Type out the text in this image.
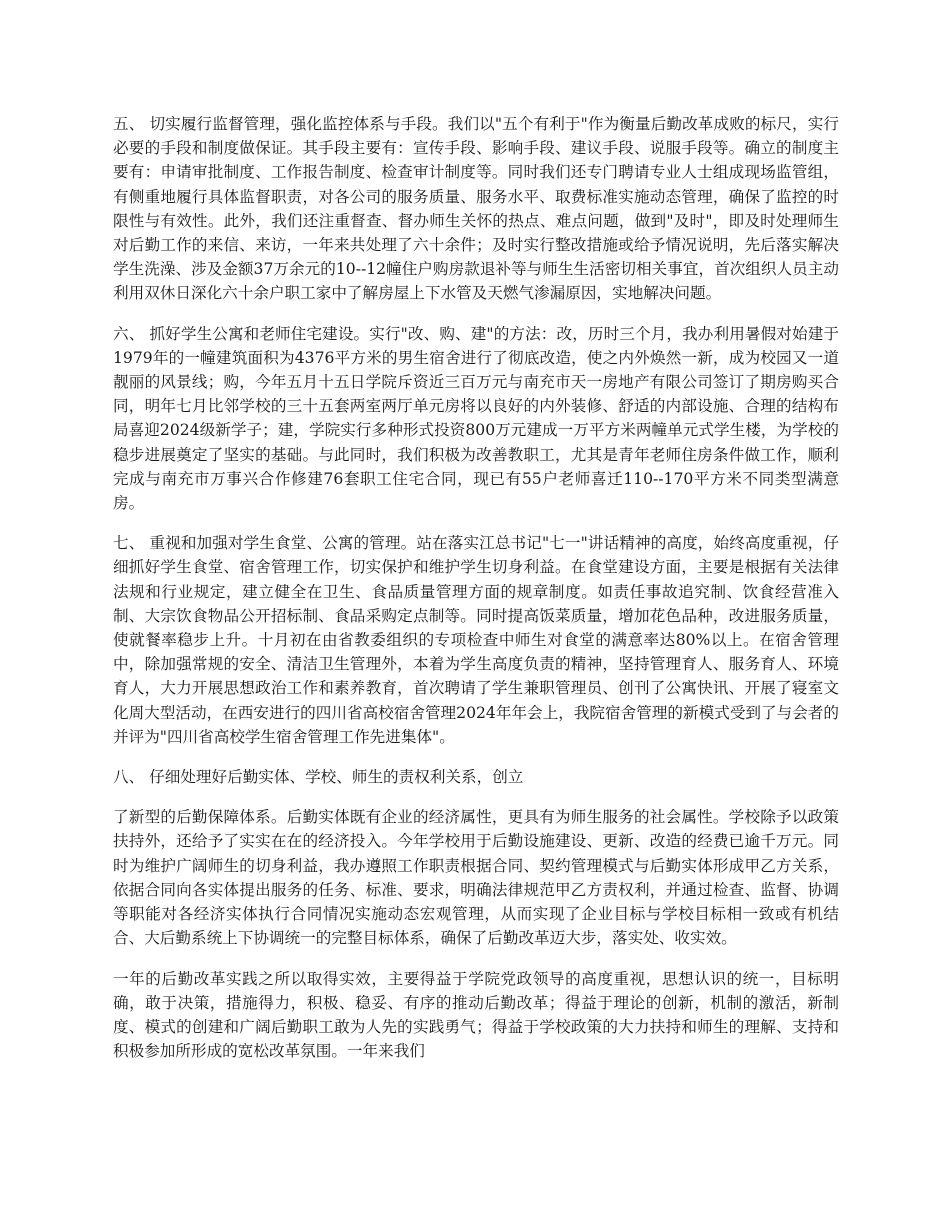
五、 切实履行监督管理，强化监控体系与手段。我们以"五个有利于"作为衡量后勤改革成败的标尺，实行必要的手段和制度做保证。其手段主要有：宣传手段、影响手段、建议手段、说服手段等。确立的制度主要有：申请审批制度、工作报告制度、检查审计制度等。同时我们还专门聘请专业人士组成现场监管组，有侧重地履行具体监督职责，对各公司的服务质量、服务水平、取费标准实施动态管理，确保了监控的时限性与有效性。此外，我们还注重督查、督办师生关怀的热点、难点问题，做到"及时"，即及时处理师生对后勤工作的来信、来访，一年来共处理了六十余件；及时实行整改措施或给予情况说明，先后落实解决学生洗澡、涉及金额37万余元的10--12幢住户购房款退补等与师生生活密切相关事宜，首次组织人员主动利用双休日深化六十余户职工家中了解房屋上下水管及天燃气渗漏原因，实地解决问题。

六、 抓好学生公寓和老师住宅建设。实行"改、购、建"的方法：改，历时三个月，我办利用暑假对始建于1979年的一幢建筑面积为4376平方米的男生宿舍进行了彻底改造，使之内外焕然一新，成为校园又一道靓丽的风景线；购，今年五月十五日学院斥资近三百万元与南充市天一房地产有限公司签订了期房购买合同，明年七月比邻学校的三十五套两室两厅单元房将以良好的内外装修、舒适的内部设施、合理的结构布局喜迎2024级新学子；建，学院实行多种形式投资800万元建成一万平方米两幢单元式学生楼，为学校的稳步进展奠定了坚实的基础。与此同时，我们积极为改善教职工，尤其是青年老师住房条件做工作，顺利完成与南充市万事兴合作修建76套职工住宅合同，现已有55户老师喜迁110--170平方米不同类型满意房。

七、 重视和加强对学生食堂、公寓的管理。站在落实江总书记"七一"讲话精神的高度，始终高度重视，仔细抓好学生食堂、宿舍管理工作，切实保护和维护学生切身利益。在食堂建设方面，主要是根据有关法律法规和行业规定，建立健全在卫生、食品质量管理方面的规章制度。如责任事故追究制、饮食经营准入制、大宗饮食物品公开招标制、食品采购定点制等。同时提高饭菜质量，增加花色品种，改进服务质量，使就餐率稳步上升。十月初在由省教委组织的专项检查中师生对食堂的满意率达80%以上。在宿舍管理中，除加强常规的安全、清洁卫生管理外，本着为学生高度负责的精神，坚持管理育人、服务育人、环境育人，大力开展思想政治工作和素养教育，首次聘请了学生兼职管理员、创刊了公寓快讯、开展了寝室文化周大型活动，在西安进行的四川省高校宿舍管理2024年年会上，我院宿舍管理的新模式受到了与会者的并评为"四川省高校学生宿舍管理工作先进集体"。

八、 仔细处理好后勤实体、学校、师生的责权利关系，创立

了新型的后勤保障体系。后勤实体既有企业的经济属性，更具有为师生服务的社会属性。学校除予以政策扶持外，还给予了实实在在的经济投入。今年学校用于后勤设施建设、更新、改造的经费已逾千万元。同时为维护广阔师生的切身利益，我办遵照工作职责根据合同、契约管理模式与后勤实体形成甲乙方关系，依据合同向各实体提出服务的任务、标准、要求，明确法律规范甲乙方责权利，并通过检查、监督、协调等职能对各经济实体执行合同情况实施动态宏观管理，从而实现了企业目标与学校目标相一致或有机结合、大后勤系统上下协调统一的完整目标体系，确保了后勤改革迈大步，落实处、收实效。

一年的后勤改革实践之所以取得实效，主要得益于学院党政领导的高度重视，思想认识的统一，目标明确，敢于决策，措施得力，积极、稳妥、有序的推动后勤改革；得益于理论的创新，机制的激活，新制度、模式的创建和广阔后勤职工敢为人先的实践勇气；得益于学校政策的大力扶持和师生的理解、支持和积极参加所形成的宽松改革氛围。一年来我们
